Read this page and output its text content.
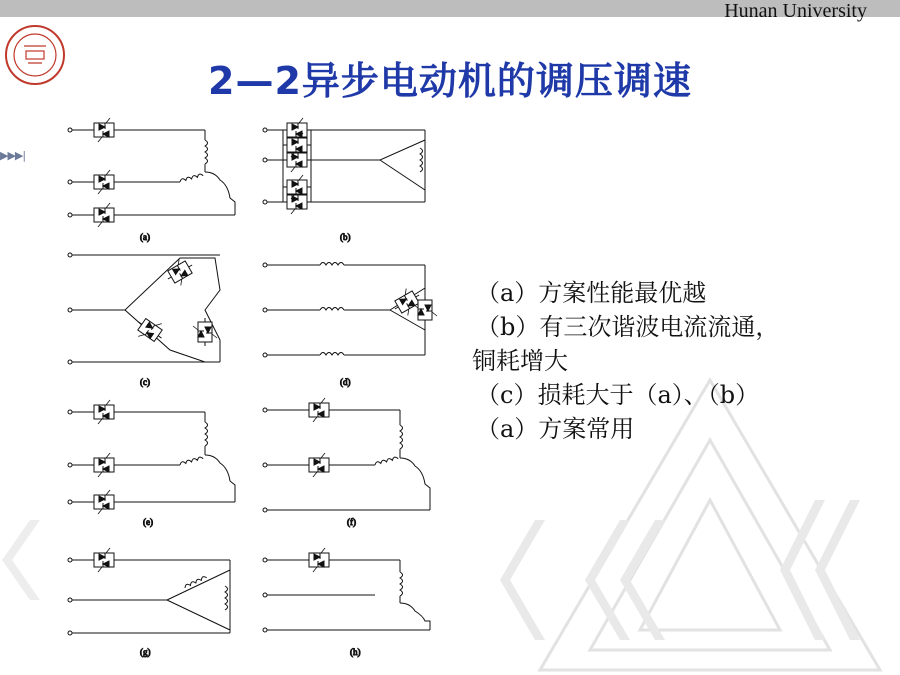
Hunan University
2—2异步电动机的调压调速
▶▶▶|
(a)	(b)
(c)	(d)
(e)	(f)
(g)	(h)
（a）方案性能最优越
（b）有三次谐波电流流通，
铜耗增大
（c）损耗大于（a）、（b）
（a）方案常用
